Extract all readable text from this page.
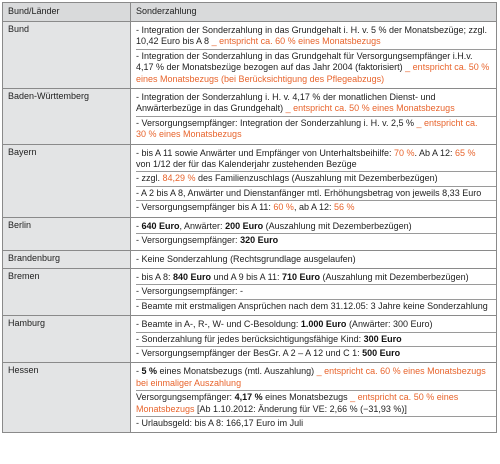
Bund/Länder	Sonderzahlung
Bund	- Integration der Sonderzahlung in das Grundgehalt i. H. v. 5 % der Monatsbezüge; zzgl. 10,42 Euro bis A 8 _ entspricht ca. 60 % eines Monatsbezugs
- Integration der Sonderzahlung in das Grundgehalt für Versorgungsempfänger i.H.v. 4,17 % der Monatsbezüge bezogen auf das Jahr 2004 (faktorisiert) _ entspricht ca. 50 % eines Monatsbezugs (bei Berücksichtigung des Pflegeabzugs)

Baden-Württemberg	- Integration der Sonderzahlung i. H. v. 4,17 % der monatlichen Dienst- und Anwärterbezüge in das Grundgehalt) _ entspricht ca. 50 % eines Monatsbezugs
- Versorgungsempfänger: Integration der Sonderzahlung i. H. v. 2,5 % _ entspricht ca. 30 % eines Monatsbezugs

Bayern	- bis A 11 sowie Anwärter und Empfänger von Unterhaltsbeihilfe: 70 %. Ab A 12: 65 % von 1/12 der für das Kalenderjahr zustehenden Bezüge
- zzgl. 84,29 % des Familienzuschlags (Auszahlung mit Dezemberbezügen)
- A 2 bis A 8, Anwärter und Dienstanfänger mtl. Erhöhungsbetrag von jeweils 8,33 Euro
- Versorgungsempfänger bis A 11: 60 %, ab A 12: 56 %

Berlin	- 640 Euro, Anwärter: 200 Euro (Auszahlung mit Dezemberbezügen)
- Versorgungsempfänger: 320 Euro

Brandenburg	- Keine Sonderzahlung (Rechtsgrundlage ausgelaufen)

Bremen	- bis A 8: 840 Euro und A 9 bis A 11: 710 Euro (Auszahlung mit Dezemberbezügen)
- Versorgungsempfänger: -
- Beamte mit erstmaligen Ansprüchen nach dem 31.12.05: 3 Jahre keine Sonderzahlung

Hamburg	- Beamte in A-, R-, W- und C-Besoldung: 1.000 Euro (Anwärter: 300 Euro)
- Sonderzahlung für jedes berücksichtigungsfähige Kind: 300 Euro
- Versorgungsempfänger der BesGr. A 2 – A 12 und C 1: 500 Euro

Hessen	- 5 % eines Monatsbezugs (mtl. Auszahlung) _ entspricht ca. 60 % eines Monatsbezugs bei einmaliger Auszahlung
Versorgungsempfänger: 4,17 % eines Monatsbezugs _ entspricht ca. 50 % eines Monatsbezugs [Ab 1.10.2012: Änderung für VE: 2,66 % (−31,93 %)]
- Urlaubsgeld: bis A 8: 166,17 Euro im Juli
